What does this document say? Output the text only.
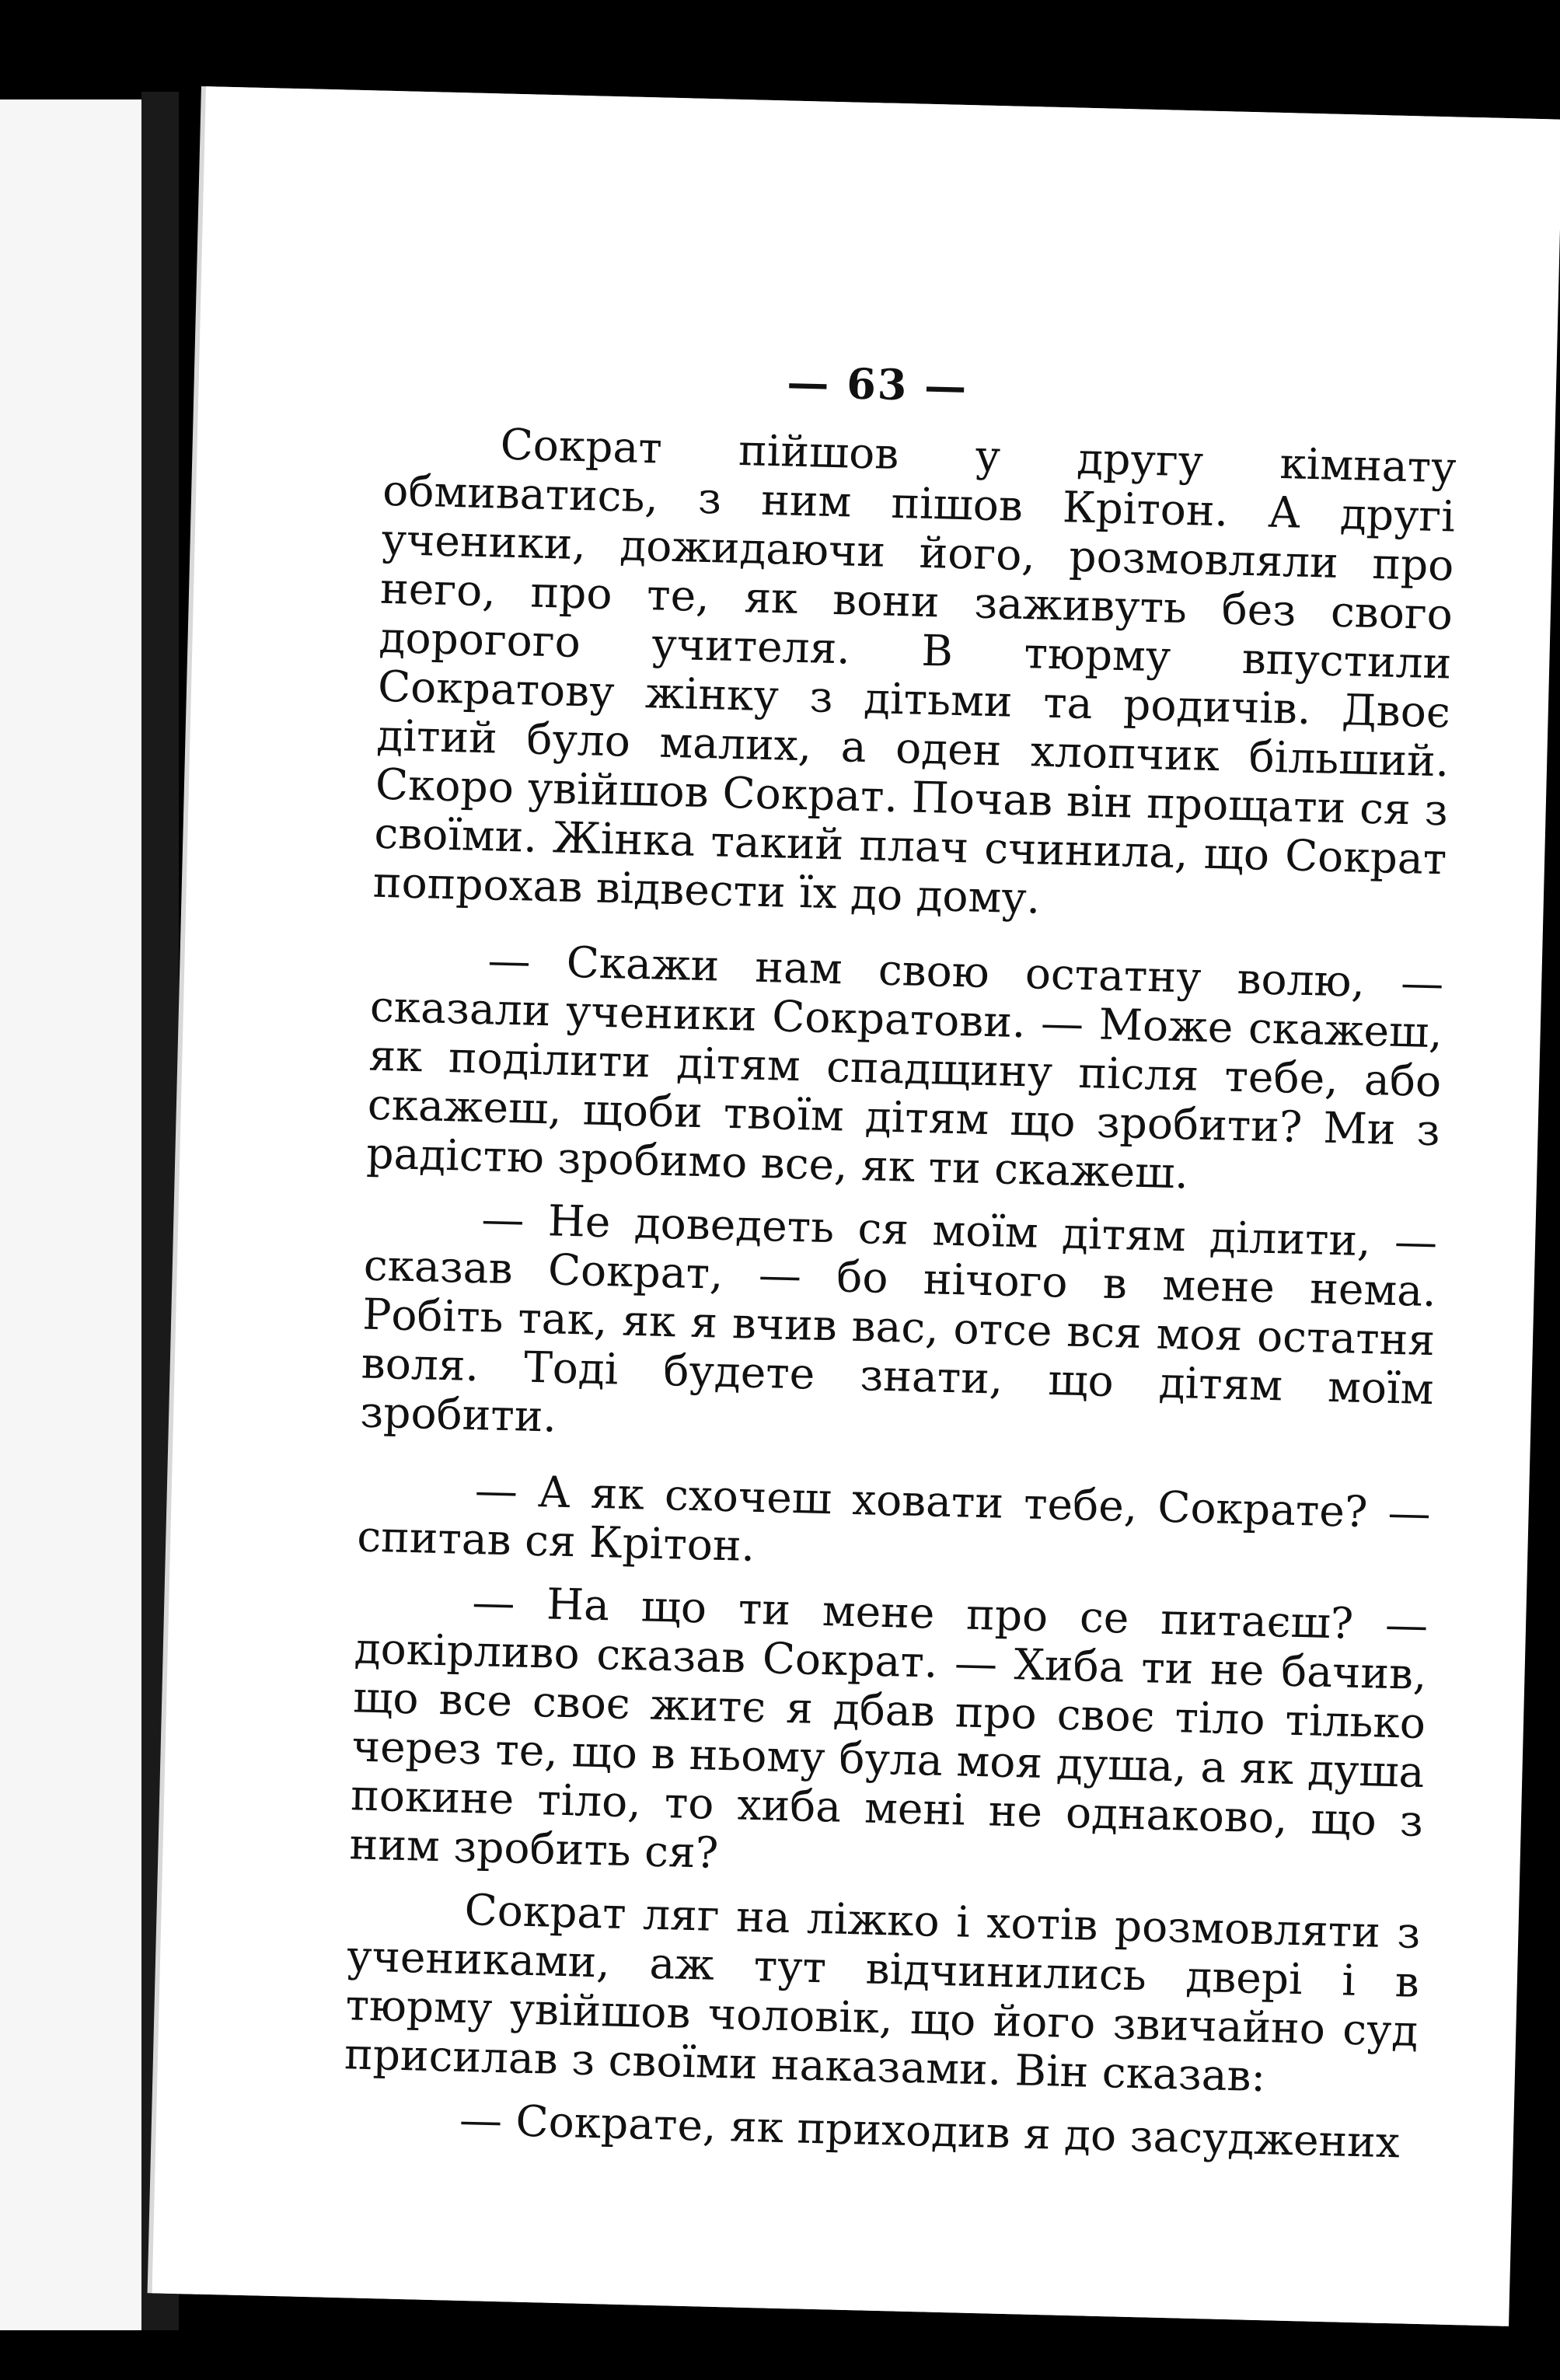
— 63 —

Сократ пійшов у другу кімнату обмиватись, з ним пішов Крітон. А другі ученики, дожидаючи його, розмовляли про него, про те, як вони заживуть без свого дорогого учителя. В тюрму впустили Сократову жінку з дітьми та родичів. Двоє дітий було малих, а оден хлопчик більший. Скоро увійшов Сократ. Почав він прощати ся з своїми. Жінка такий плач счинила, що Сократ попрохав відвести їх до дому.

— Скажи нам свою остатну волю, — сказали ученики Сократови. — Може скажеш, як поділити дітям спадщину після тебе, або скажеш, щоби твоїм дітям що зробити? Ми з радістю зробимо все, як ти скажеш.

— Не доведеть ся моїм дітям ділити, — сказав Сократ, — бо нічого в мене нема. Робіть так, як я вчив вас, отсе вся моя остатня воля. Тоді будете знати, що дітям моїм зробити.

— А як схочеш ховати тебе, Сократе? — спитав ся Крітон.

— На що ти мене про се питаєш? — докірливо сказав Сократ. — Хиба ти не бачив, що все своє житє я дбав про своє тіло тілько через те, що в ньому була моя душа, а як душа покине тіло, то хиба мені не однаково, що з ним зробить ся?

Сократ ляг на ліжко і хотів розмовляти з учениками, аж тут відчинились двері і в тюрму увійшов чоловік, що його звичайно суд присилав з своїми наказами. Він сказав:

— Сократе, як приходив я до засуджених
